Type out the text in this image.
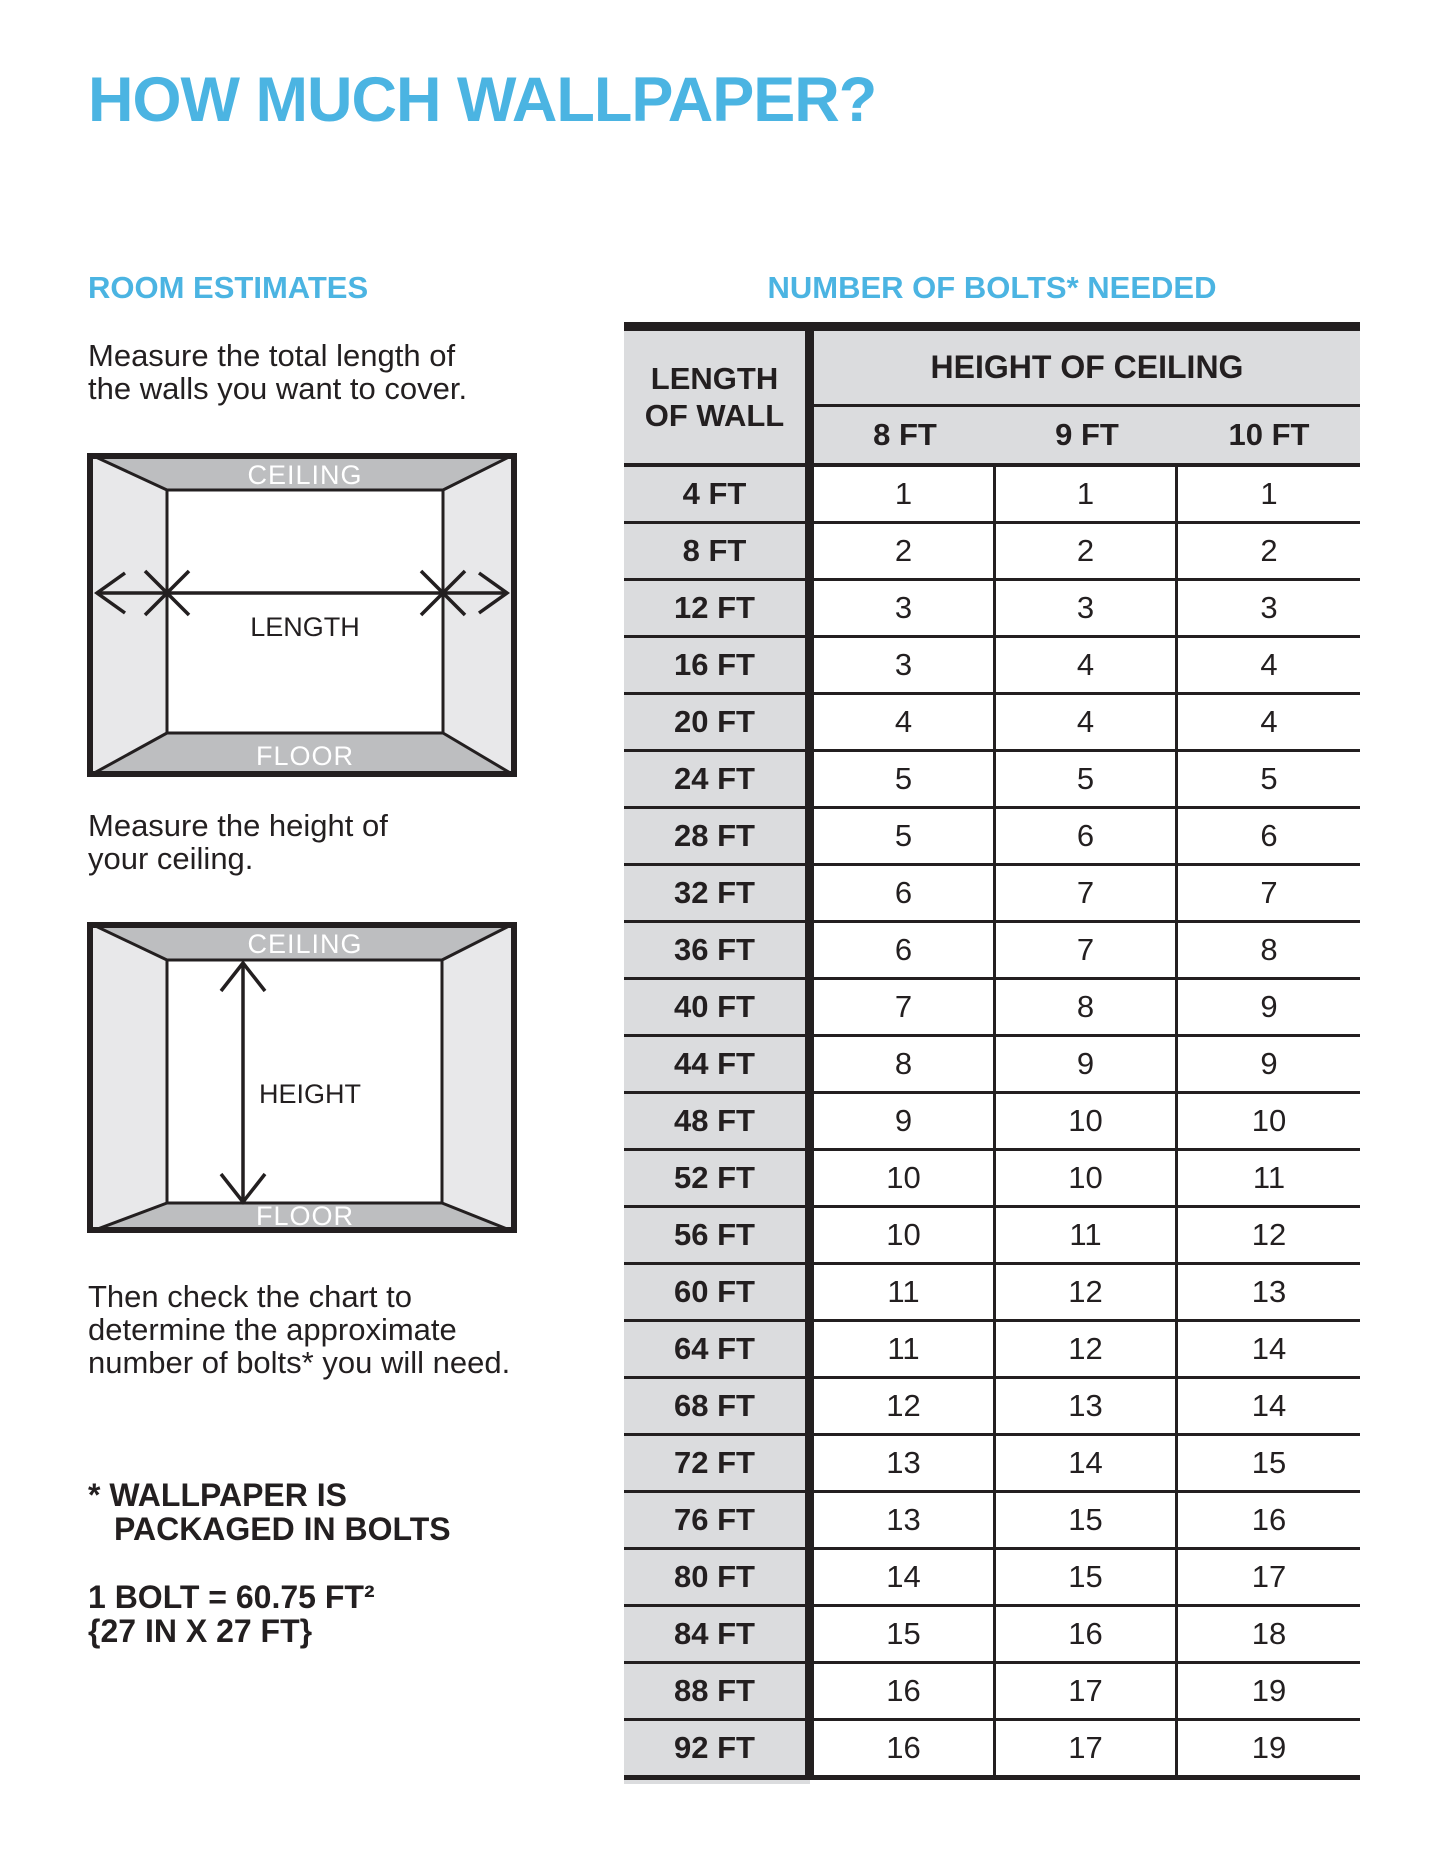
HOW MUCH WALLPAPER?
ROOM ESTIMATES	NUMBER OF BOLTS* NEEDED
Measure the total length of
the walls you want to cover.
CEILING
FLOOR
LENGTH
Measure the height of
your ceiling.
HEIGHT
CEILING
FLOOR
Then check the chart to
determine the approximate
number of bolts* you will need.
* WALLPAPER IS
PACKAGED IN BOLTS
1 BOLT = 60.75 FT²
{27 IN X 27 FT}
LENGTH
OF WALL
HEIGHT OF CEILING
8 FT	9 FT	10 FT
4 FT	1	1	1
8 FT	2	2	2
12 FT	3	3	3
16 FT	3	4	4
20 FT	4	4	4
24 FT	5	5	5
28 FT	5	6	6
32 FT	6	7	7
36 FT	6	7	8
40 FT	7	8	9
44 FT	8	9	9
48 FT	9	10	10
52 FT	10	10	11
56 FT	10	11	12
60 FT	11	12	13
64 FT	11	12	14
68 FT	12	13	14
72 FT	13	14	15
76 FT	13	15	16
80 FT	14	15	17
84 FT	15	16	18
88 FT	16	17	19
92 FT	16	17	19
